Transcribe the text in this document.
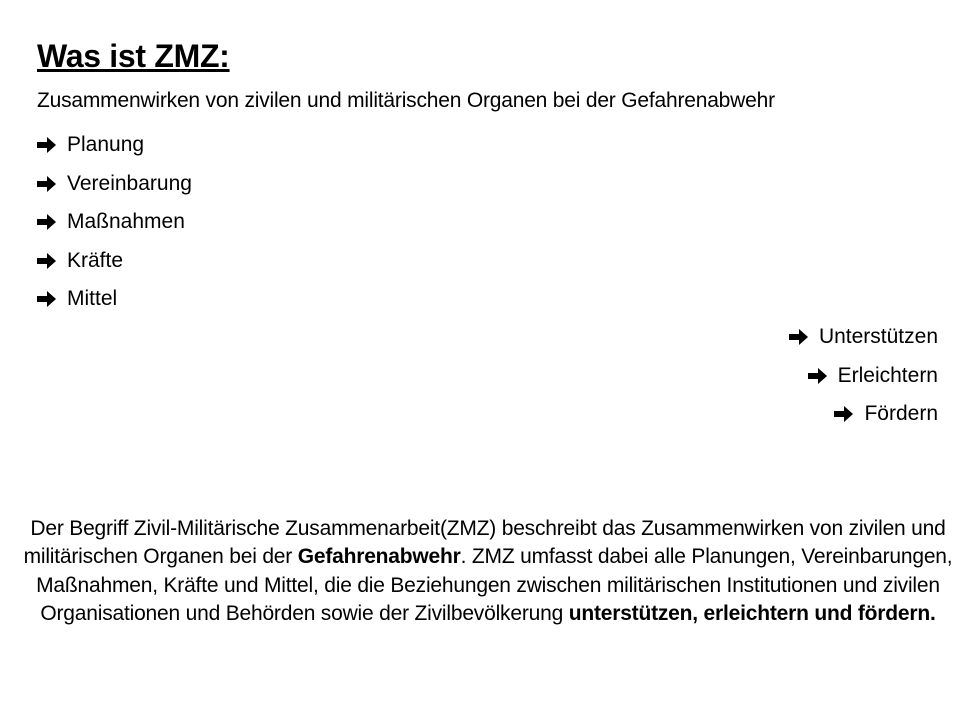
Was ist ZMZ:
Zusammenwirken von zivilen und militärischen Organen bei der Gefahrenabwehr
Planung
Vereinbarung
Maßnahmen
Kräfte
Mittel
Unterstützen
Erleichtern
Fördern

Der Begriff Zivil-Militärische Zusammenarbeit(ZMZ) beschreibt das Zusammenwirken von zivilen und militärischen Organen bei der Gefahrenabwehr. ZMZ umfasst dabei alle Planungen, Vereinbarungen, Maßnahmen, Kräfte und Mittel, die die Beziehungen zwischen militärischen Institutionen und zivilen Organisationen und Behörden sowie der Zivilbevölkerung unterstützen, erleichtern und fördern.
